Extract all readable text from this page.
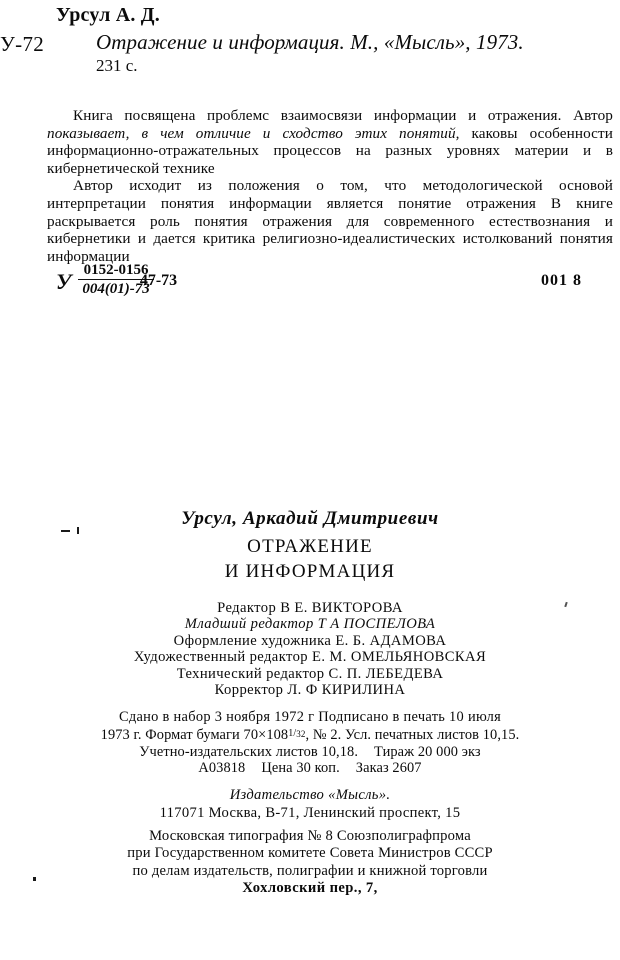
Урсул А. Д.
У-72 Отражение и информация. М., «Мысль», 1973.
231 с.

Книга посвящена проблемс взаимосвязи информации и отражения. Автор показывает, в чем отличие и сходство этих понятий, каковы особенности информационно-отражательных процессов на разных уровнях материи и в кибернетической технике

Автор исходит из положения о том, что методологической основой интерпретации понятия информации является понятие отражения В книге раскрывается роль понятия отражения для современного естествознания и кибернетики и дается критика религиозно-идеалистических истолкований понятия информации

У $\frac{0152-0156}{004(01)-73}$
47-73	001 8
Урсул, Аркадий Дмитриевич
ОТРАЖЕНИЕ
И ИНФОРМАЦИЯ
Редактор В Е. ВИКТОРОВА
Младший редактор Т А ПОСПЕЛОВА
Оформление художника Е. Б. АДАМОВА
Художественный редактор Е. М. ОМЕЛЬЯНОВСКАЯ
Технический редактор С. П. ЛЕБЕДЕВА
Корректор Л. Ф КИРИЛИНА
Сдано в набор 3 ноября 1972 г Подписано в печать 10 июля
1973 г. Формат бумаги $70\times 108^{1/_{32}}$, № 2. Усл. печатных листов 10,15.
Учетно-издательских листов 10,18. Тираж 20 000 экз
А03818 Цена 30 коп. Заказ 2607
Издательство «Мысль».
117071 Москва, В-71, Ленинский проспект, 15
Московская типография № 8 Союзполиграфпрома
при Государственном комитете Совета Министров СССР
по делам издательств, полиграфии и книжной торговли
Хохловский пер., 7,
